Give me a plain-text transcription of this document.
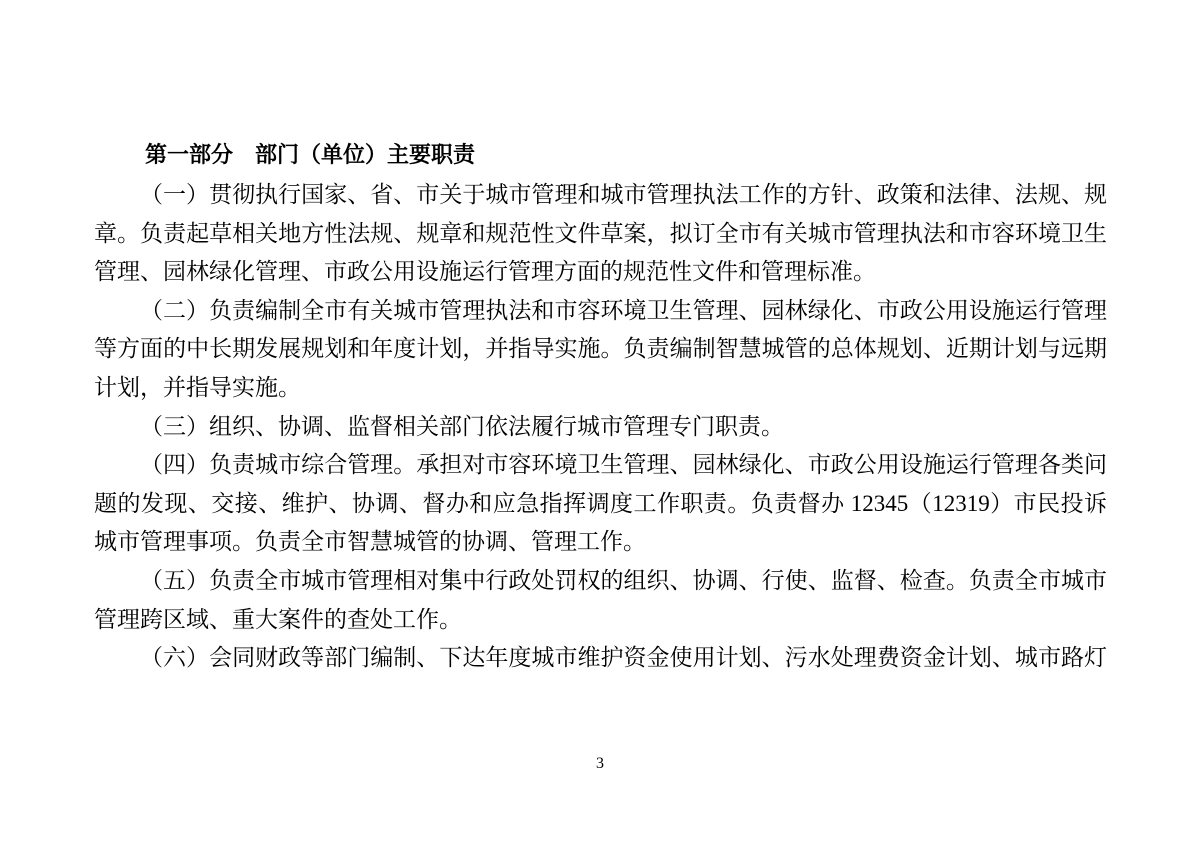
第一部分　部门（单位）主要职责

（一）贯彻执行国家、省、市关于城市管理和城市管理执法工作的方针、政策和法律、法规、规章。负责起草相关地方性法规、规章和规范性文件草案，拟订全市有关城市管理执法和市容环境卫生管理、园林绿化管理、市政公用设施运行管理方面的规范性文件和管理标准。

（二）负责编制全市有关城市管理执法和市容环境卫生管理、园林绿化、市政公用设施运行管理等方面的中长期发展规划和年度计划，并指导实施。负责编制智慧城管的总体规划、近期计划与远期计划，并指导实施。

（三）组织、协调、监督相关部门依法履行城市管理专门职责。

（四）负责城市综合管理。承担对市容环境卫生管理、园林绿化、市政公用设施运行管理各类问题的发现、交接、维护、协调、督办和应急指挥调度工作职责。负责督办 12345（12319）市民投诉城市管理事项。负责全市智慧城管的协调、管理工作。

（五）负责全市城市管理相对集中行政处罚权的组织、协调、行使、监督、检查。负责全市城市管理跨区域、重大案件的查处工作。

（六）会同财政等部门编制、下达年度城市维护资金使用计划、污水处理费资金计划、城市路灯

3
